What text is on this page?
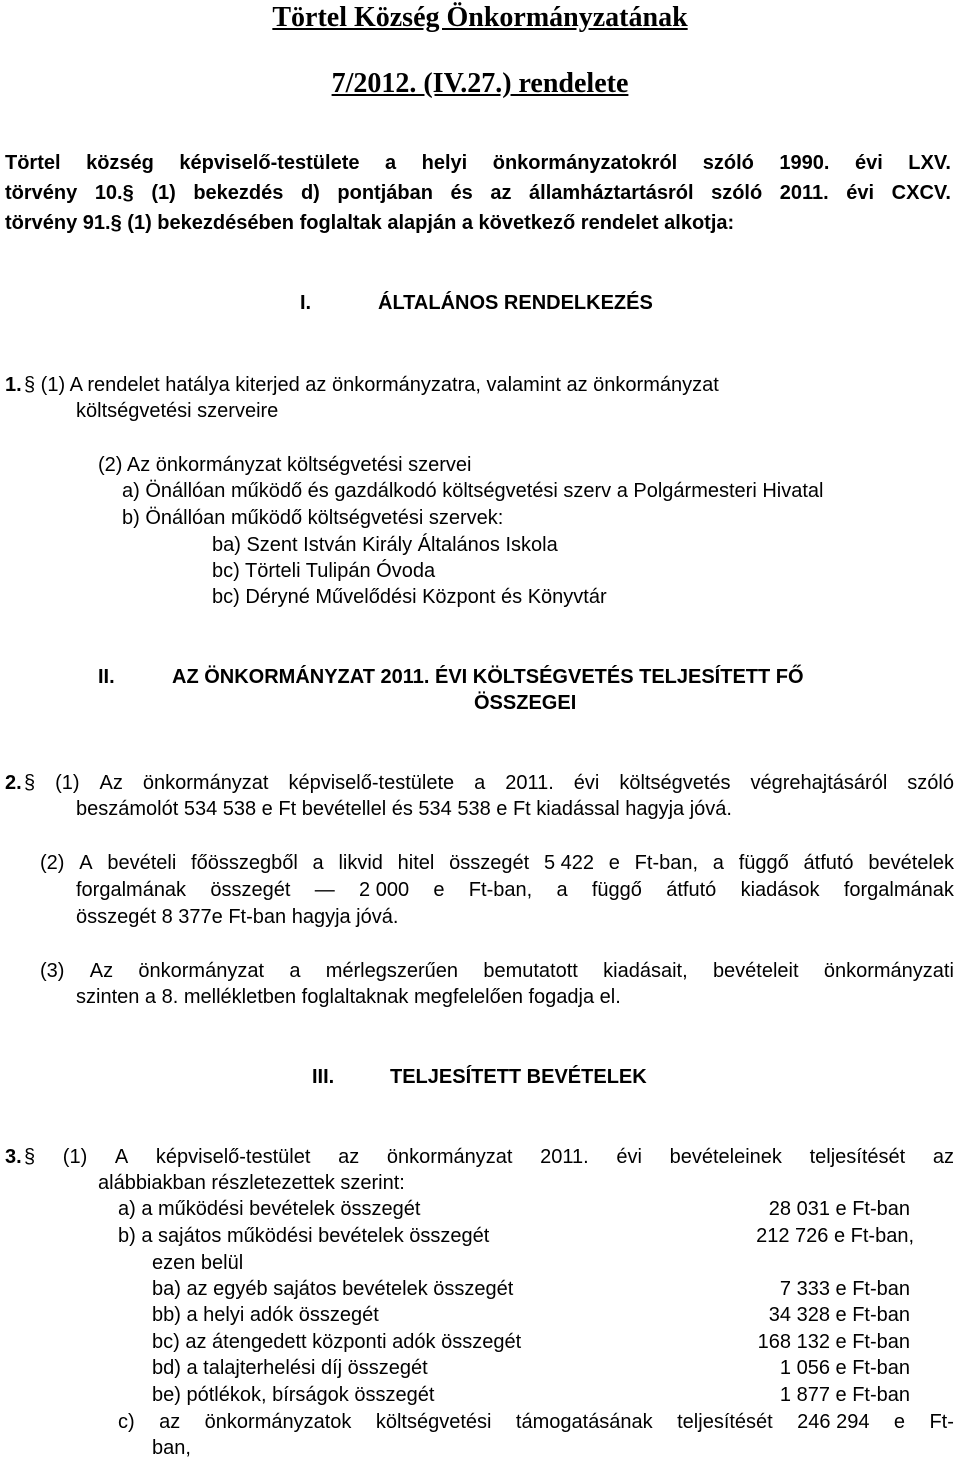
Törtel Község Önkormányzatának
7/2012. (IV.27.) rendelete
Törtel község képviselő-testülete a helyi önkormányzatokról szóló 1990. évi LXV.
törvény 10.§ (1) bekezdés d) pontjában és az államháztartásról szóló 2011. évi CXCV.
törvény 91.§ (1) bekezdésében foglaltak alapján a következő rendelet alkotja:
I.	ÁLTALÁNOS RENDELKEZÉS
1. § (1) A rendelet hatálya kiterjed az önkormányzatra, valamint az önkormányzat
költségvetési szerveire
(2) Az önkormányzat költségvetési szervei
a) Önállóan működő és gazdálkodó költségvetési szerv a Polgármesteri Hivatal
b) Önállóan működő költségvetési szervek:
ba) Szent István Király Általános Iskola
bc) Törteli Tulipán Óvoda
bc) Déryné Művelődési Központ és Könyvtár
II.	AZ ÖNKORMÁNYZAT 2011. ÉVI KÖLTSÉGVETÉS TELJESÍTETT FŐ
ÖSSZEGEI
2. § (1) Az önkormányzat képviselő-testülete a 2011. évi költségvetés végrehajtásáról szóló
beszámolót 534 538 e Ft bevétellel és 534 538 e Ft kiadással hagyja jóvá.
(2) A bevételi főösszegből a likvid hitel összegét 5 422 e Ft-ban, a függő átfutó bevételek
forgalmának összegét — 2 000 e Ft-ban, a függő átfutó kiadások forgalmának
összegét 8 377e Ft-ban hagyja jóvá.
(3) Az önkormányzat a mérlegszerűen bemutatott kiadásait, bevételeit önkormányzati
szinten a 8. mellékletben foglaltaknak megfelelően fogadja el.
III.	TELJESÍTETT BEVÉTELEK
3. § (1) A képviselő-testület az önkormányzat 2011. évi bevételeinek teljesítését az
alábbiakban részletezettek szerint:
a) a működési bevételek összegét	28 031 e Ft-ban
b) a sajátos működési bevételek összegét	212 726 e Ft-ban,
ezen belül
ba) az egyéb sajátos bevételek összegét	7 333 e Ft-ban
bb) a helyi adók összegét	34 328 e Ft-ban
bc) az átengedett központi adók összegét	168 132 e Ft-ban
bd) a talajterhelési díj összegét	1 056 e Ft-ban
be) pótlékok, bírságok összegét	1 877 e Ft-ban
c) az önkormányzatok költségvetési támogatásának teljesítését 246 294 e Ft-
ban,
